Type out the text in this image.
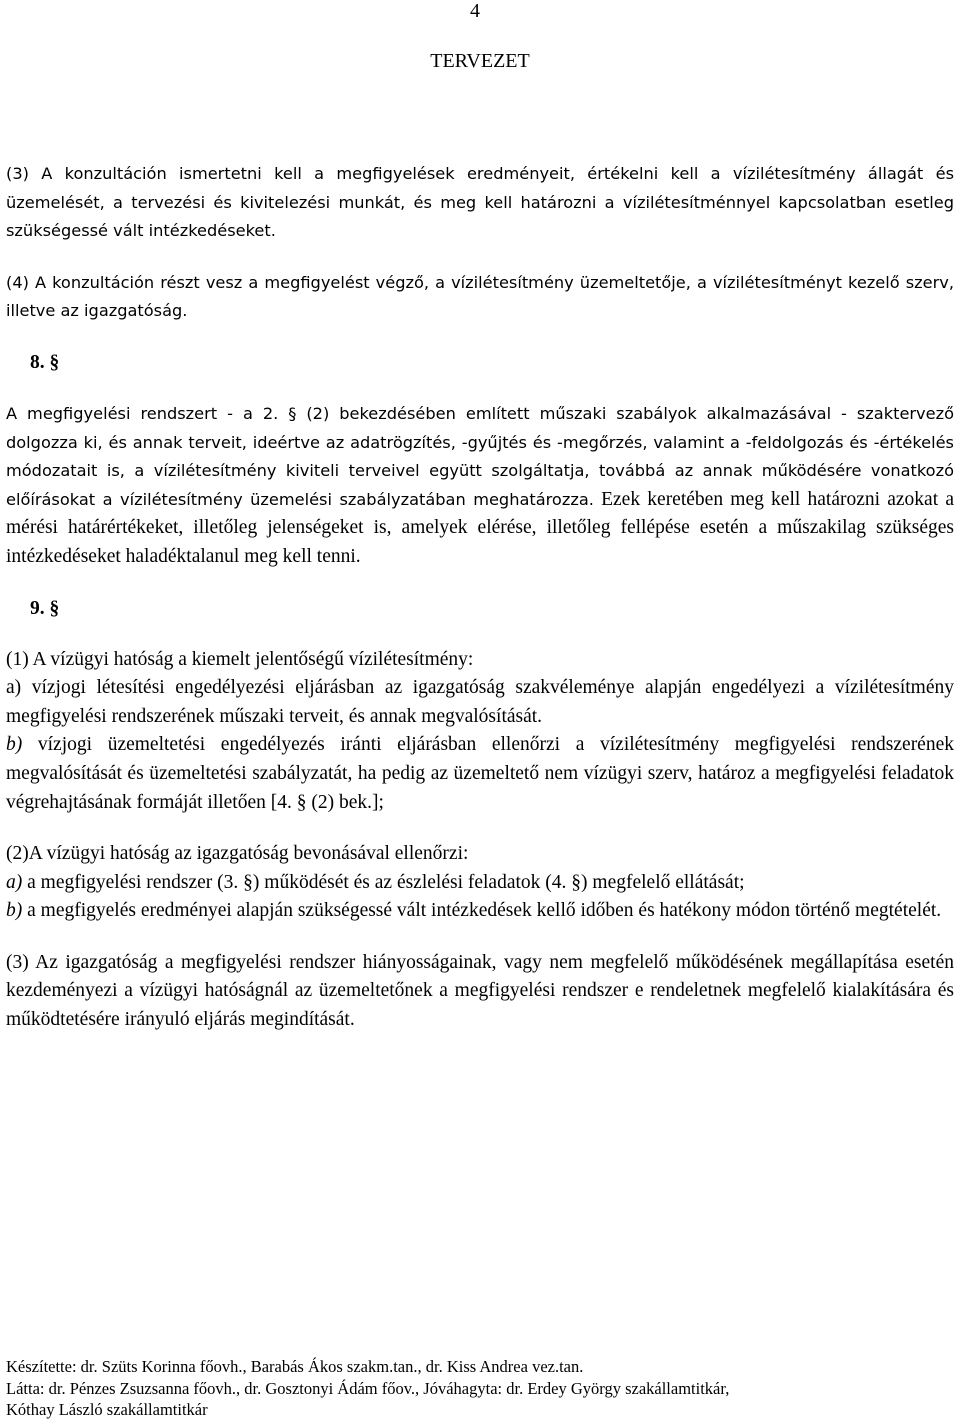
4
TERVEZET

(3) A konzultáción ismertetni kell a megfigyelések eredményeit, értékelni kell a vízilétesítmény állagát és üzemelését, a tervezési és kivitelezési munkát, és meg kell határozni a vízilétesítménnyel kapcsolatban esetleg szükségessé vált intézkedéseket.

(4) A konzultáción részt vesz a megfigyelést végző, a vízilétesítmény üzemeltetője, a vízilétesítményt kezelő szerv, illetve az igazgatóság.

8. §

A megfigyelési rendszert - a 2. § (2) bekezdésében említett műszaki szabályok alkalmazásával - szaktervező dolgozza ki, és annak terveit, ideértve az adatrögzítés, -gyűjtés és -megőrzés, valamint a -feldolgozás és -értékelés módozatait is, a vízilétesítmény kiviteli terveivel együtt szolgáltatja, továbbá az annak működésére vonatkozó előírásokat a vízilétesítmény üzemelési szabályzatában meghatározza. Ezek keretében meg kell határozni azokat a mérési határértékeket, illetőleg jelenségeket is, amelyek elérése, illetőleg fellépése esetén a műszakilag szükséges intézkedéseket haladéktalanul meg kell tenni.

9. §

(1) A vízügyi hatóság a kiemelt jelentőségű vízilétesítmény:

a) vízjogi létesítési engedélyezési eljárásban az igazgatóság szakvéleménye alapján engedélyezi a vízilétesítmény megfigyelési rendszerének műszaki terveit, és annak megvalósítását.

b) vízjogi üzemeltetési engedélyezés iránti eljárásban ellenőrzi a vízilétesítmény megfigyelési rendszerének megvalósítását és üzemeltetési szabályzatát, ha pedig az üzemeltető nem vízügyi szerv, határoz a megfigyelési feladatok végrehajtásának formáját illetően [4. § (2) bek.];

(2)A vízügyi hatóság az igazgatóság bevonásával ellenőrzi:

a) a megfigyelési rendszer (3. §) működését és az észlelési feladatok (4. §) megfelelő ellátását;

b) a megfigyelés eredményei alapján szükségessé vált intézkedések kellő időben és hatékony módon történő megtételét.

(3) Az igazgatóság a megfigyelési rendszer hiányosságainak, vagy nem megfelelő működésének megállapítása esetén kezdeményezi a vízügyi hatóságnál az üzemeltetőnek a megfigyelési rendszer e rendeletnek megfelelő kialakítására és működtetésére irányuló eljárás megindítását.

Készítette: dr. Szüts Korinna főovh., Barabás Ákos szakm.tan., dr. Kiss Andrea vez.tan.
Látta: dr. Pénzes Zsuzsanna főovh., dr. Gosztonyi Ádám főov., Jóváhagyta: dr. Erdey György szakállamtitkár,
Kóthay László szakállamtitkár
